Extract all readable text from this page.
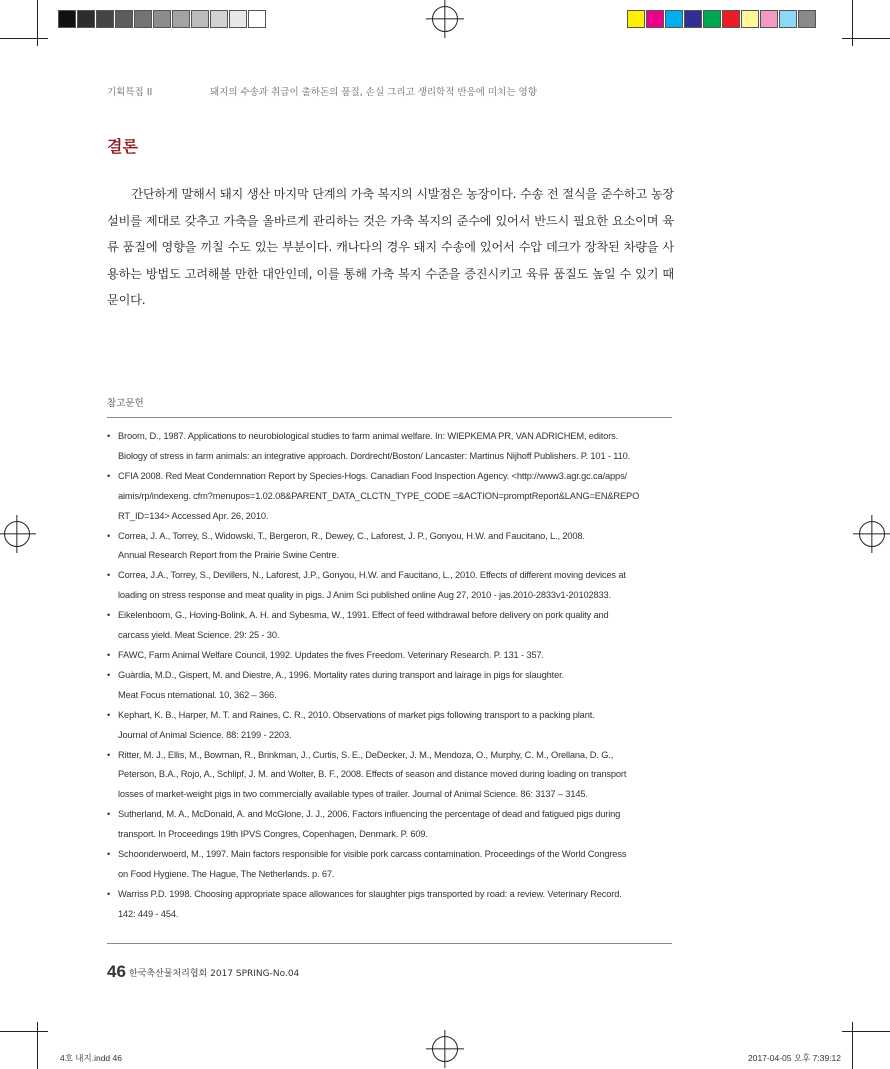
기획특집 II	돼지의 수송과 취급이 출하돈의 품질, 손실 그리고 생리학적 반응에 미치는 영향
결론

간단하게 말해서 돼지 생산 마지막 단계의 가축 복지의 시발점은 농장이다. 수송 전 절식을 준수하고 농장 설비를 제대로 갖추고 가축을 올바르게 관리하는 것은 가축 복지의 준수에 있어서 반드시 필요한 요소이며 육류 품질에 영향을 끼칠 수도 있는 부분이다. 캐나다의 경우 돼지 수송에 있어서 수압 데크가 장착된 차량을 사용하는 방법도 고려해볼 만한 대안인데, 이를 통해 가축 복지 수준을 증진시키고 육류 품질도 높일 수 있기 때문이다.

참고문헌
• Broom, D., 1987. Applications to neurobiological studies to farm animal welfare. In: WIEPKEMA PR, VAN ADRICHEM, editors.
Biology of stress in farm animals: an integrative approach. Dordrecht/Boston/ Lancaster: Martinus Nijhoff Publishers. P. 101 - 110.
• CFIA 2008. Red Meat Condemnation Report by Species-Hogs. Canadian Food Inspection Agency. <http://www3.agr.gc.ca/apps/
aimis/rp/indexeng. cfm?menupos=1.02.08&PARENT_DATA_CLCTN_TYPE_CODE =&ACTION=promptReport&LANG=EN&REPO
RT_ID=134> Accessed Apr. 26, 2010.
• Correa, J. A., Torrey, S., Widowski, T., Bergeron, R., Dewey, C., Laforest, J. P., Gonyou, H.W. and Faucitano, L., 2008.
Annual Research Report from the Prairie Swine Centre.
• Correa, J.A., Torrey, S., Devillers, N., Laforest, J.P., Gonyou, H.W. and Faucitano, L., 2010. Effects of different moving devices at
loading on stress response and meat quality in pigs. J Anim Sci published online Aug 27, 2010 - jas.2010-2833v1-20102833.
• Eikelenboom, G., Hoving-Bolink, A. H. and Sybesma, W., 1991. Effect of feed withdrawal before delivery on pork quality and
carcass yield. Meat Science. 29: 25 - 30.
• FAWC, Farm Animal Welfare Council, 1992. Updates the fives Freedom. Veterinary Research. P. 131 - 357.
• Guàrdia, M.D., Gispert, M. and Diestre, A., 1996. Mortality rates during transport and lairage in pigs for slaughter.
Meat Focus nternational. 10, 362 – 366.
• Kephart, K. B., Harper, M. T. and Raines, C. R., 2010. Observations of market pigs following transport to a packing plant.
Journal of Animal Science. 88: 2199 - 2203.
• Ritter, M. J., Ellis, M., Bowman, R., Brinkman, J., Curtis, S. E., DeDecker, J. M., Mendoza, O., Murphy, C. M., Orellana, D. G.,
Peterson, B.A., Rojo, A., Schlipf, J. M. and Wolter, B. F., 2008. Effects of season and distance moved during loading on transport
losses of market-weight pigs in two commercially available types of trailer. Journal of Animal Science. 86: 3137 – 3145.
• Sutherland, M. A., McDonald, A. and McGlone, J. J., 2006. Factors influencing the percentage of dead and fatigued pigs during
transport. In Proceedings 19th IPVS Congres, Copenhagen, Denmark. P. 609.
• Schoonderwoerd, M., 1997. Main factors responsible for visible pork carcass contamination. Proceedings of the World Congress
on Food Hygiene. The Hague, The Netherlands. p. 67.
• Warriss P.D. 1998. Choosing appropriate space allowances for slaughter pigs transported by road: a review. Veterinary Record.
142: 449 - 454.
46 한국축산물처리협회 2017 SPRING-No.04
4호 내지.indd 46	2017-04-05 오후 7:39:12
